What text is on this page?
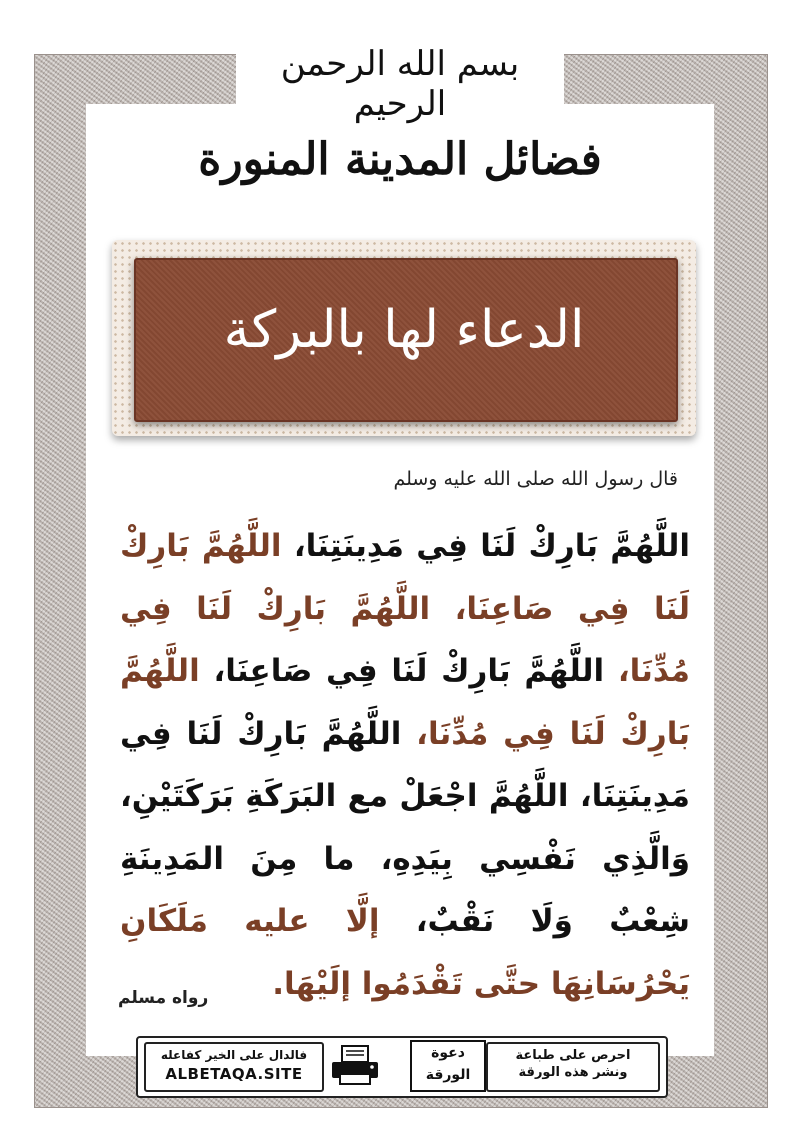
بسم الله الرحمن الرحيم
فضائل المدينة المنورة
الدعاء لها بالبركة
قال رسول الله صلى الله عليه وسلم
اللَّهُمَّ بَارِكْ لَنَا فِي مَدِينَتِنَا، اللَّهُمَّ بَارِكْ لَنَا فِي صَاعِنَا، اللَّهُمَّ بَارِكْ لَنَا فِي مُدِّنَا، اللَّهُمَّ بَارِكْ لَنَا فِي صَاعِنَا، اللَّهُمَّ بَارِكْ لَنَا فِي مُدِّنَا، اللَّهُمَّ بَارِكْ لَنَا فِي مَدِينَتِنَا، اللَّهُمَّ اجْعَلْ مع البَرَكَةِ بَرَكَتَيْنِ، وَالَّذِي نَفْسِي بِيَدِهِ، ما مِنَ المَدِينَةِ شِعْبٌ وَلَا نَقْبٌ، إلَّا عليه مَلَكَانِ يَحْرُسَانِهَا حتَّى تَقْدَمُوا إلَيْهَا.
رواه مسلم
فالدال على الخير كفاعله
ALBETAQA.SITE
دعوة الورقة
احرص على طباعة
ونشر هذه الورقة
